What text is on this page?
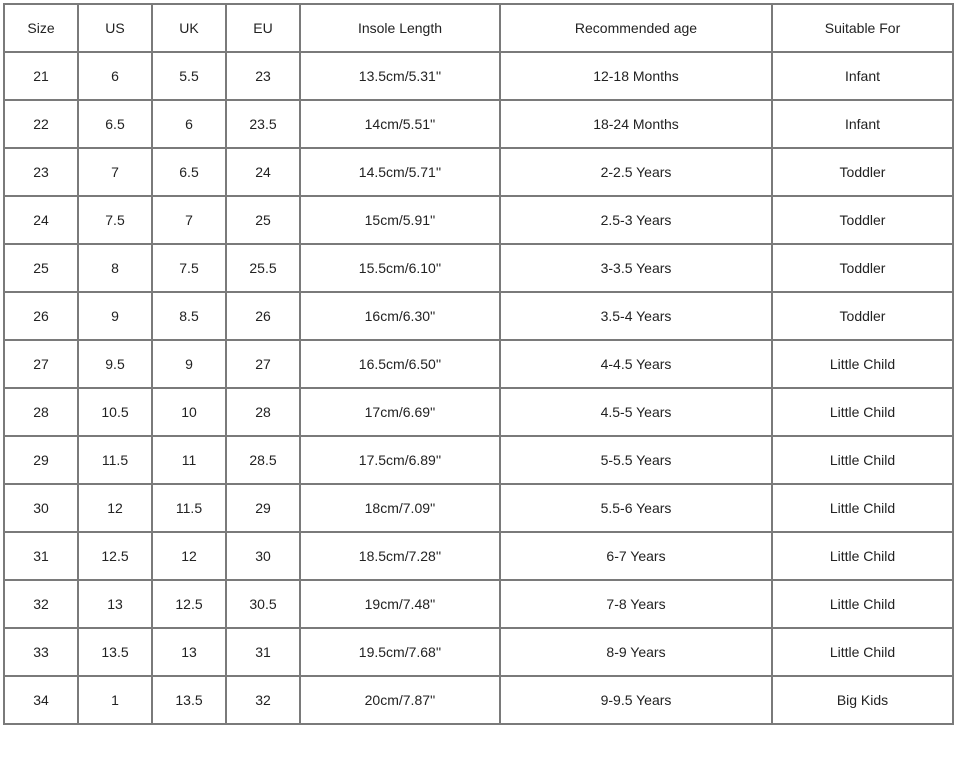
Size	US	UK	EU	Insole Length	Recommended age	Suitable For
21	6	5.5	23	13.5cm/5.31''	12-18 Months	Infant
22	6.5	6	23.5	14cm/5.51''	18-24 Months	Infant
23	7	6.5	24	14.5cm/5.71''	2-2.5 Years	Toddler
24	7.5	7	25	15cm/5.91''	2.5-3 Years	Toddler
25	8	7.5	25.5	15.5cm/6.10''	3-3.5 Years	Toddler
26	9	8.5	26	16cm/6.30''	3.5-4 Years	Toddler
27	9.5	9	27	16.5cm/6.50''	4-4.5 Years	Little Child
28	10.5	10	28	17cm/6.69''	4.5-5 Years	Little Child
29	11.5	11	28.5	17.5cm/6.89''	5-5.5 Years	Little Child
30	12	11.5	29	18cm/7.09''	5.5-6 Years	Little Child
31	12.5	12	30	18.5cm/7.28''	6-7 Years	Little Child
32	13	12.5	30.5	19cm/7.48''	7-8 Years	Little Child
33	13.5	13	31	19.5cm/7.68''	8-9 Years	Little Child
34	1	13.5	32	20cm/7.87''	9-9.5 Years	Big Kids
